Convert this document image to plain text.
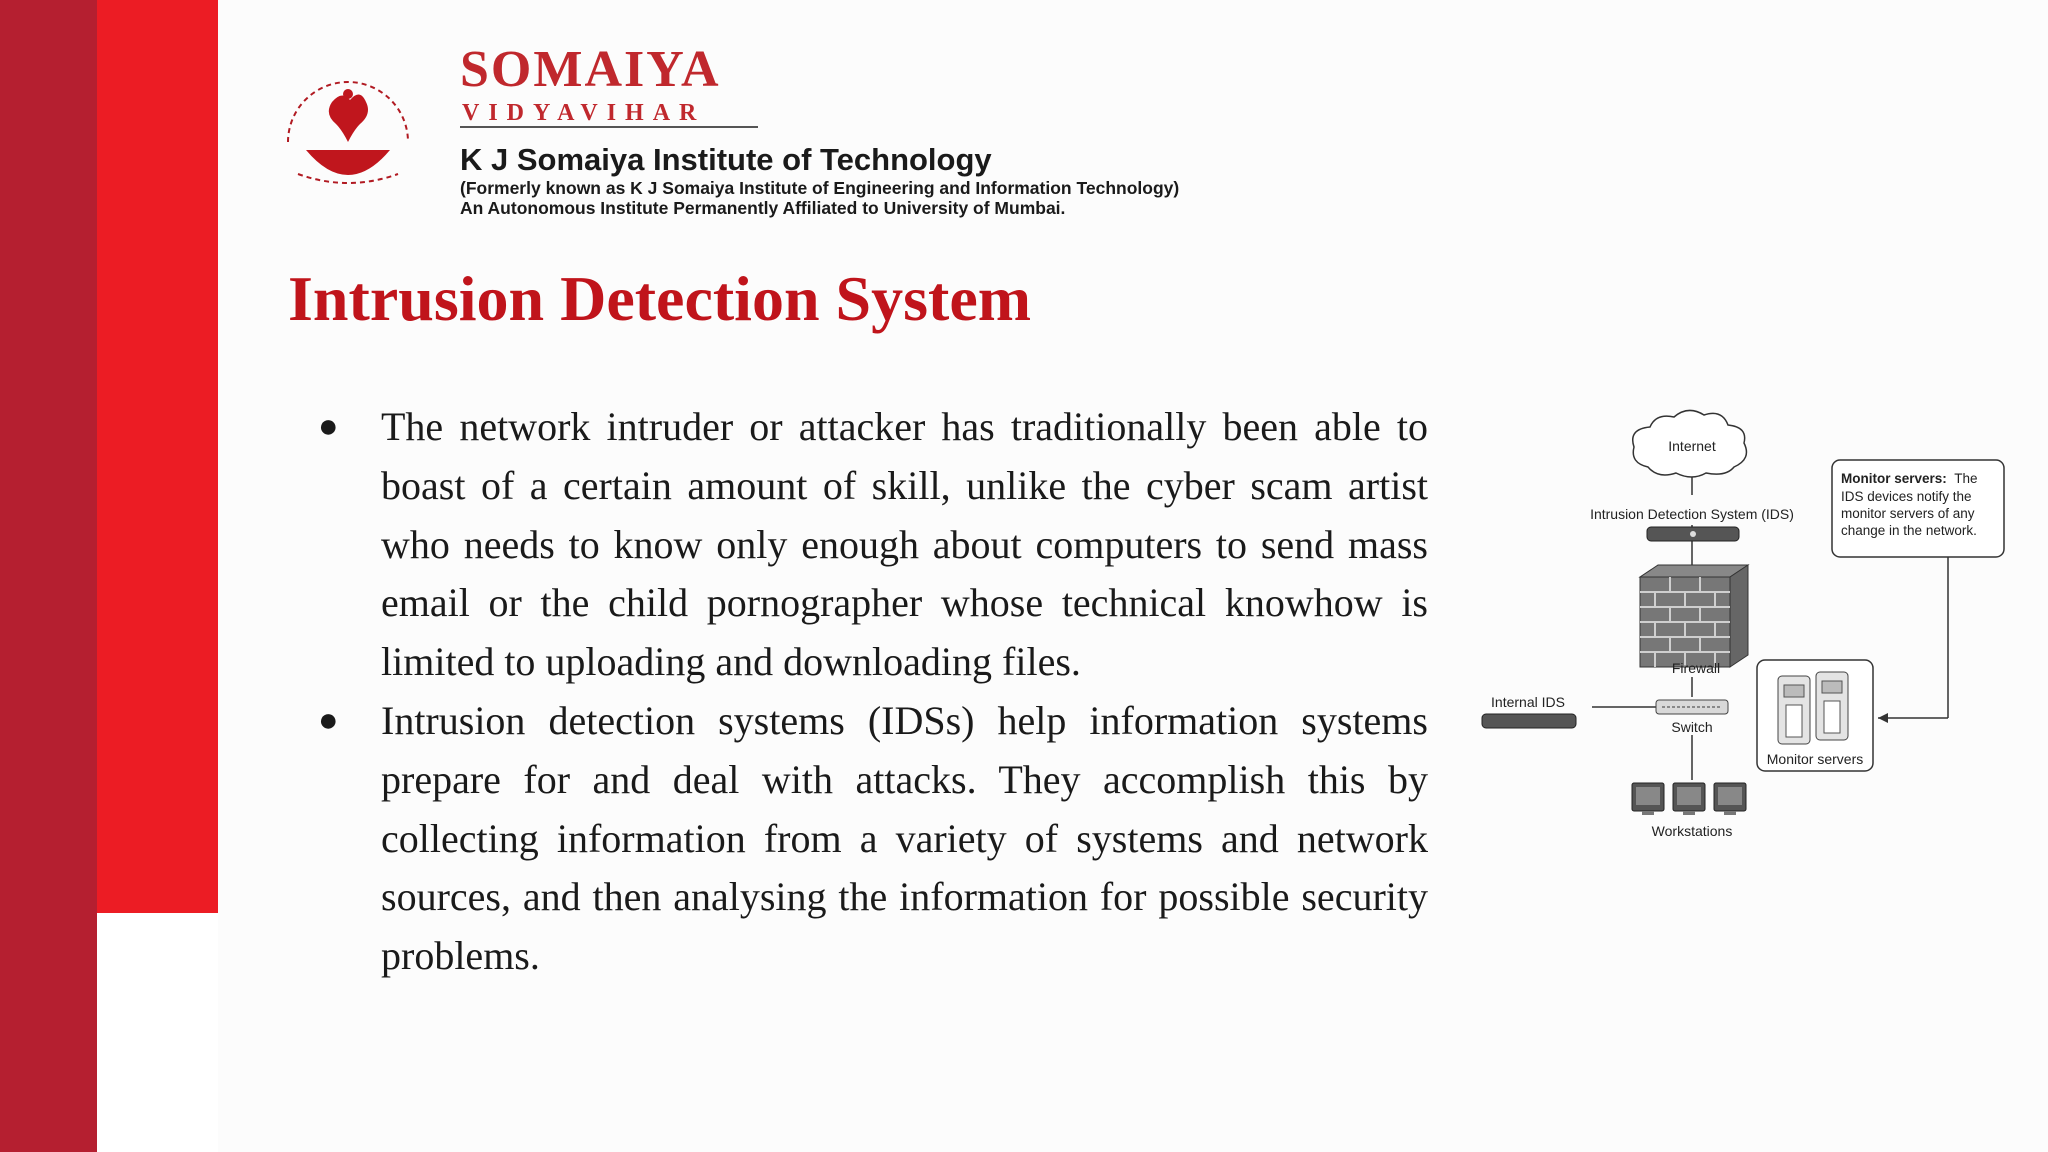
SOMAIYA
VIDYAVIHAR
K J Somaiya Institute of Technology
(Formerly known as K J Somaiya Institute of Engineering and Information Technology)
An Autonomous Institute Permanently Affiliated to University of Mumbai.
Intrusion Detection System
● The network intruder or attacker has traditionally been able to boast of a certain amount of skill, unlike the cyber scam artist who needs to know only enough about computers to send mass email or the child pornographer whose technical knowhow is limited to uploading and downloading files.
● Intrusion detection systems (IDSs) help information systems prepare for and deal with attacks. They accomplish this by collecting information from a variety of systems and network sources, and then analysing the information for possible security problems.
Internet
Intrusion Detection System (IDS)
Firewall
Switch
Internal IDS
Monitor servers
Workstations
Monitor servers: The
IDS devices notify the
monitor servers of any
change in the network.
